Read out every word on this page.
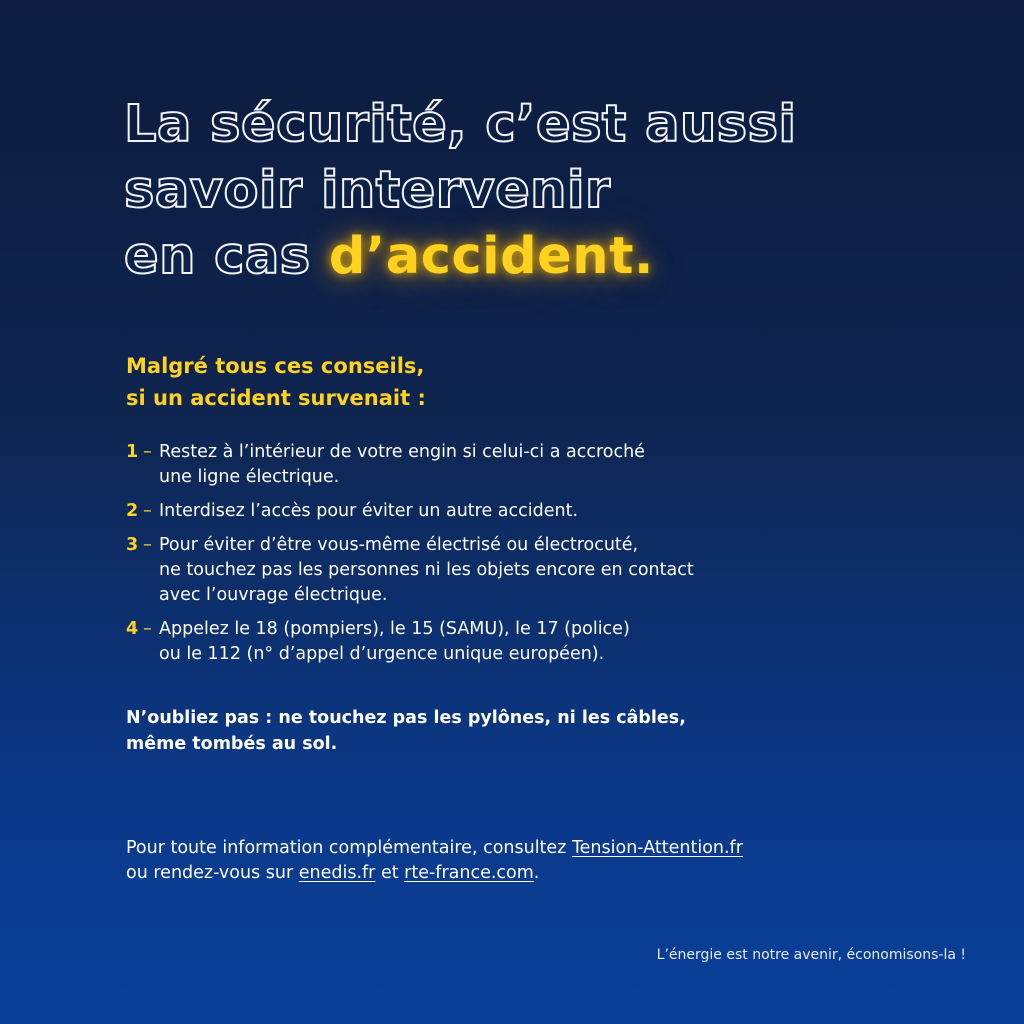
La sécurité, c’est aussi
savoir intervenir
en cas d’accident.
Malgré tous ces conseils,
si un accident survenait :
1 – Restez à l’intérieur de votre engin si celui-ci a accroché
une ligne électrique.
2 – Interdisez l’accès pour éviter un autre accident.
3 – Pour éviter d’être vous-même électrisé ou électrocuté,
ne touchez pas les personnes ni les objets encore en contact
avec l’ouvrage électrique.
4 – Appelez le 18 (pompiers), le 15 (SAMU), le 17 (police)
ou le 112 (n° d’appel d’urgence unique européen).

N’oubliez pas : ne touchez pas les pylônes, ni les câbles,
même tombés au sol.

Pour toute information complémentaire, consultez Tension-Attention.fr
ou rendez-vous sur enedis.fr et rte-france.com.

L’énergie est notre avenir, économisons-la !
